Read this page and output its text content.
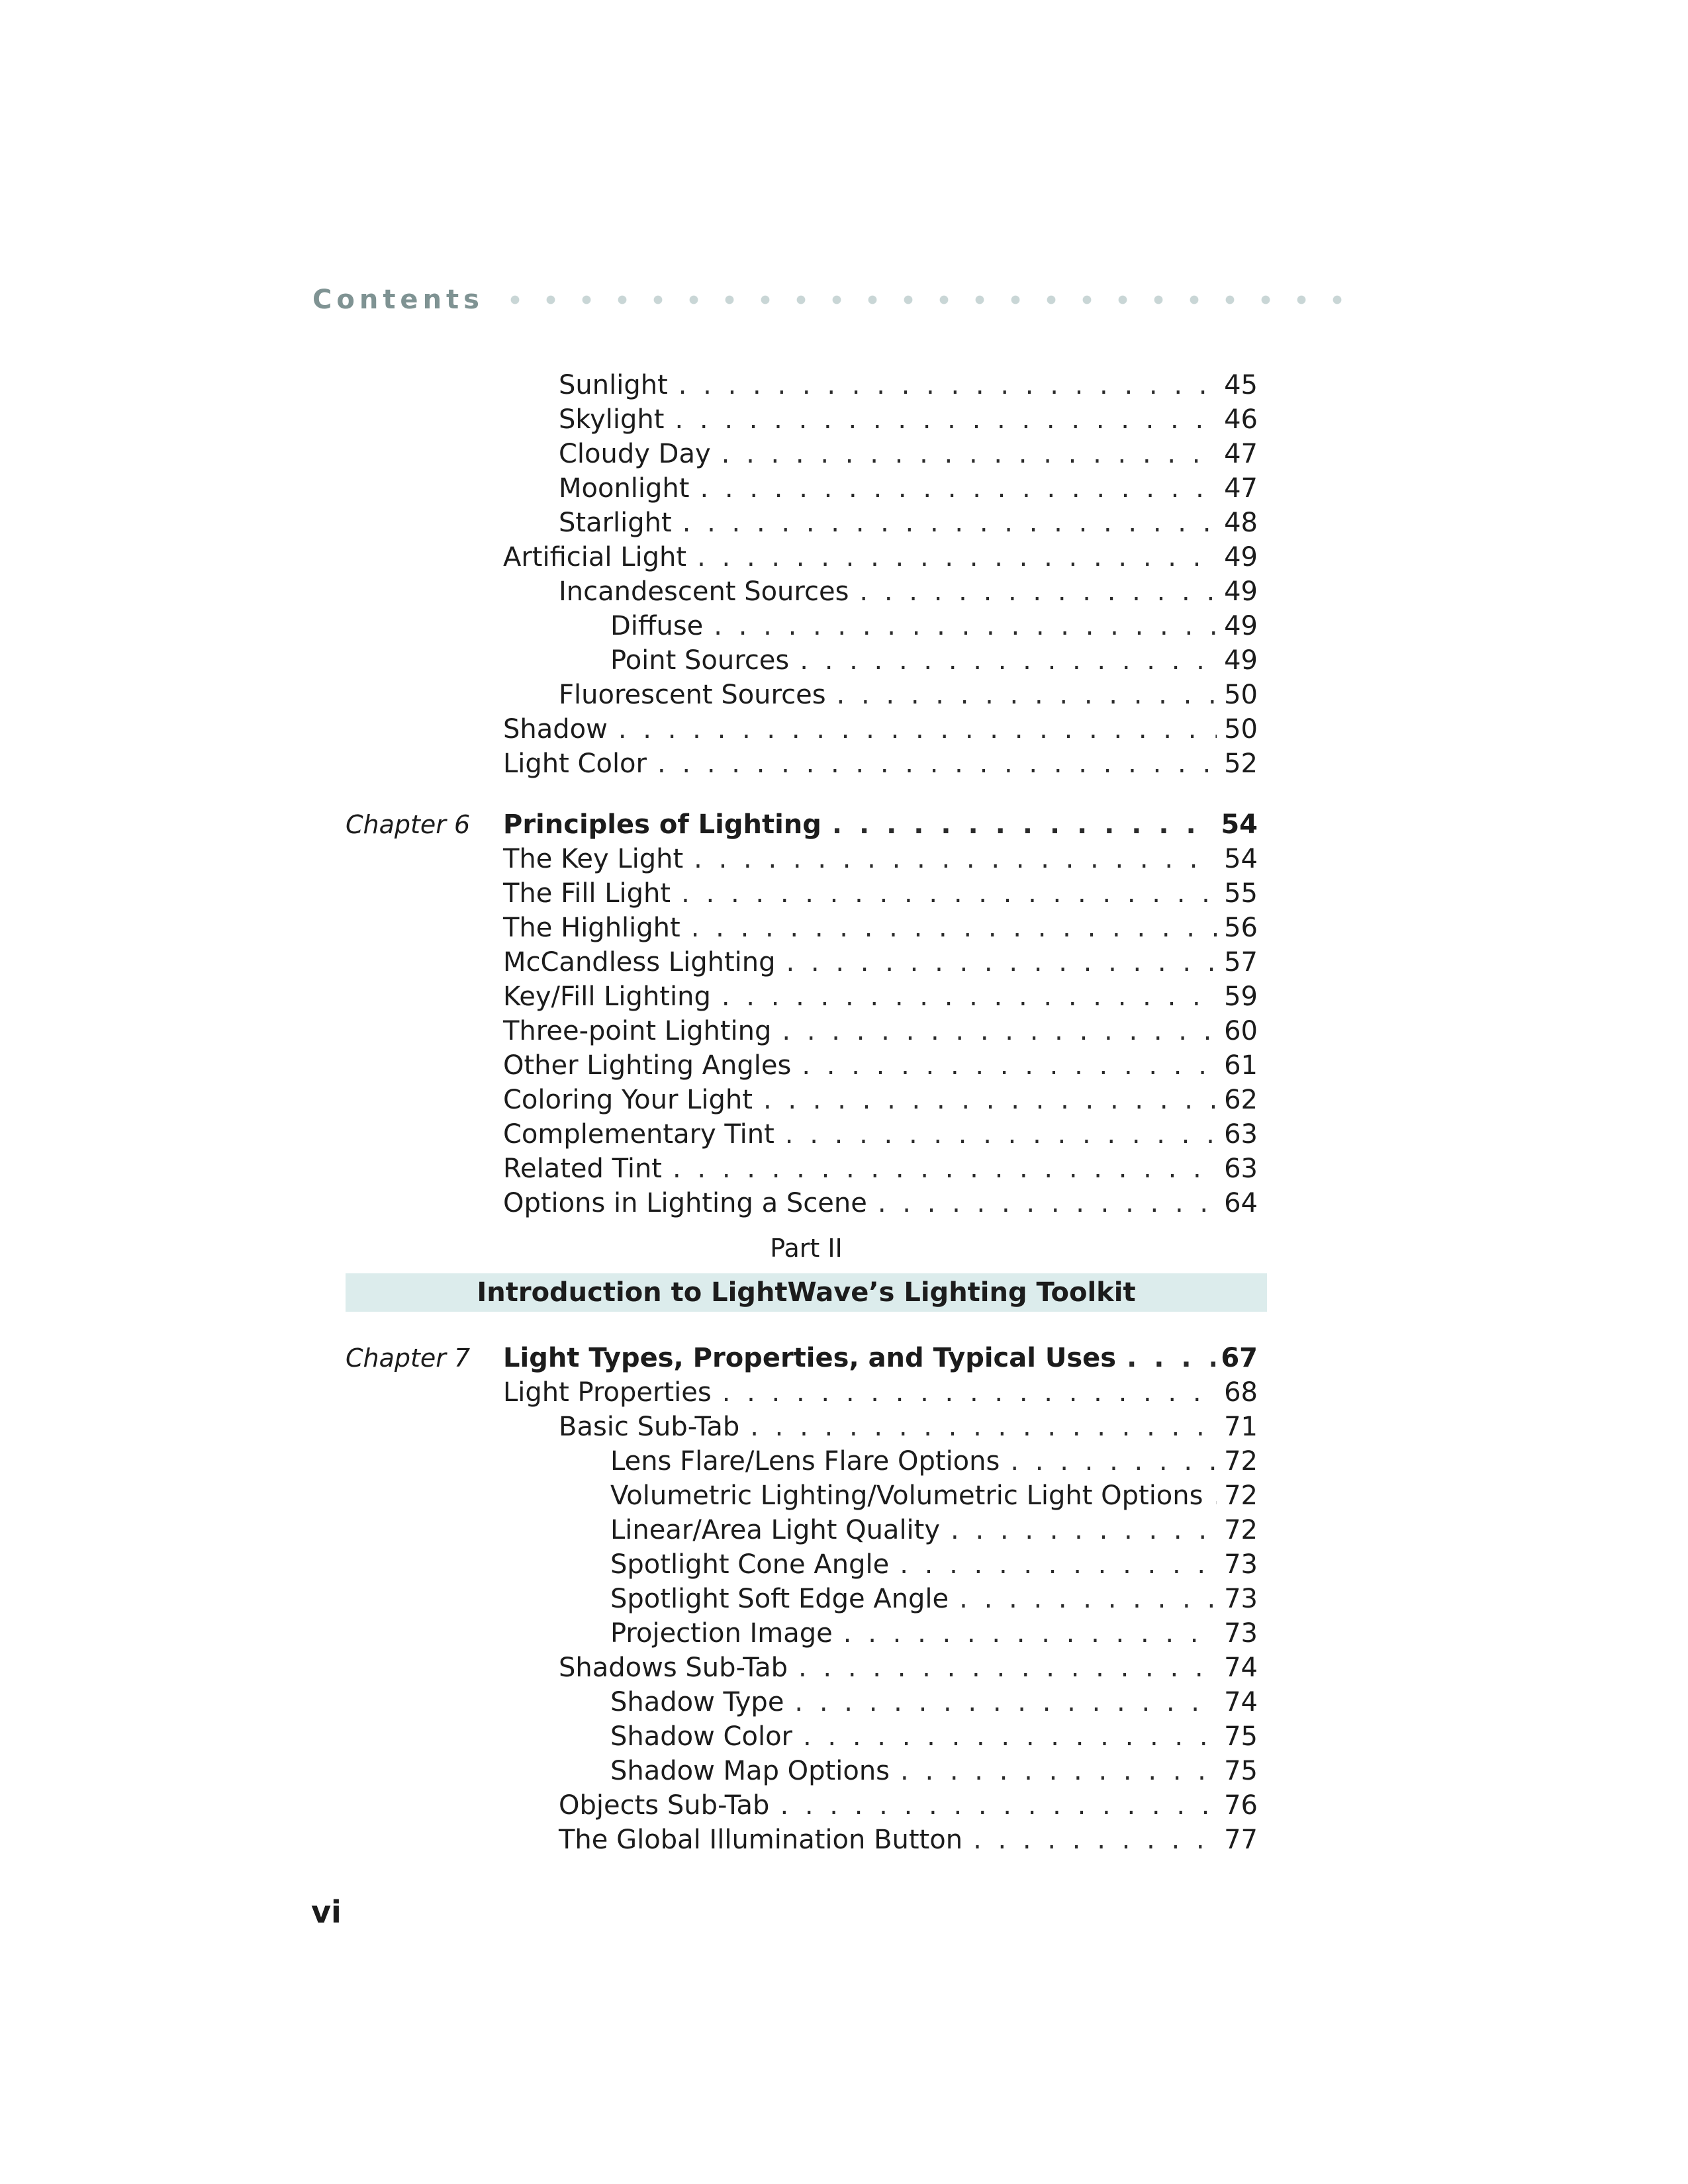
Contents
Sunlight . . .	45
Skylight . . .	46
Cloudy Day . . .	47
Moonlight . . .	47
Starlight . . .	48
Artificial Light . . .	49
Incandescent Sources . . .	49
Diffuse . . .	49
Point Sources . . .	49
Fluorescent Sources . . .	50
Shadow . . .	50
Light Color . . .	52
Chapter 6 Principles of Lighting . . .	54
The Key Light . . .	54
The Fill Light . . .	55
The Highlight . . .	56
McCandless Lighting . . .	57
Key/Fill Lighting . . .	59
Three-point Lighting . . .	60
Other Lighting Angles . . .	61
Coloring Your Light . . .	62
Complementary Tint . . .	63
Related Tint . . .	63
Options in Lighting a Scene . . .	64
Part II
Introduction to LightWave’s Lighting Toolkit
Chapter 7 Light Types, Properties, and Typical Uses . . .	67
Light Properties . . .	68
Basic Sub-Tab . . .	71
Lens Flare/Lens Flare Options . . .	72
Volumetric Lighting/Volumetric Light Options . . . 72
Linear/Area Light Quality . . .	72
Spotlight Cone Angle . . .	73
Spotlight Soft Edge Angle . . .	73
Projection Image . . .	73
Shadows Sub-Tab . . .	74
Shadow Type . . .	74
Shadow Color . . .	75
Shadow Map Options . . .	75
Objects Sub-Tab . . .	76
The Global Illumination Button . . .	77
vi
